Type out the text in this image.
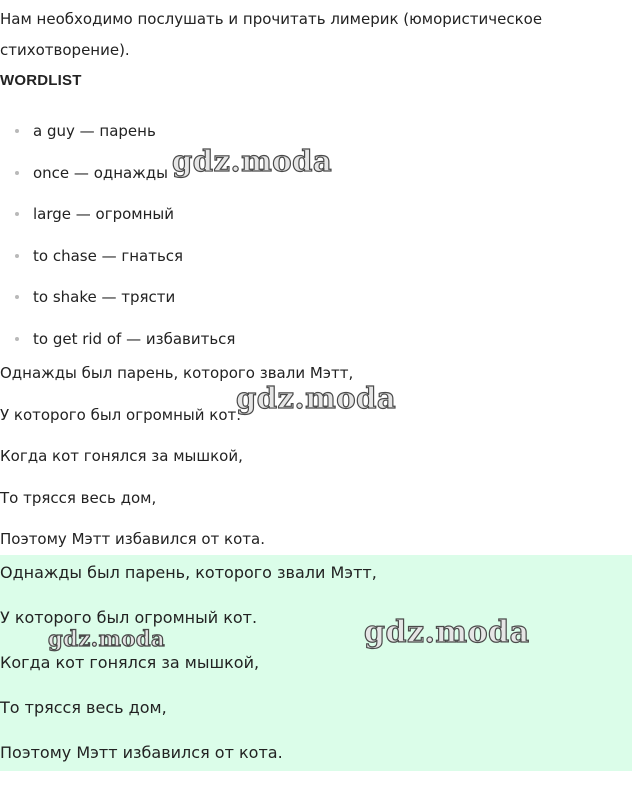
Нам необходимо послушать и прочитать лимерик (юмористическое стихотворение).

WORDLIST
a guy — парень
once — однажды
large — огромный
to chase — гнаться
to shake — трясти
to get rid of — избавиться

Однажды был парень, которого звали Мэтт,

У которого был огромный кот.

Когда кот гонялся за мышкой,

То трясся весь дом,

Поэтому Мэтт избавился от кота.

Однажды был парень, которого звали Мэтт,

У которого был огромный кот.

Когда кот гонялся за мышкой,

То трясся весь дом,

Поэтому Мэтт избавился от кота.

gdz.moda
gdz.moda
gdz.moda	gdz.moda
